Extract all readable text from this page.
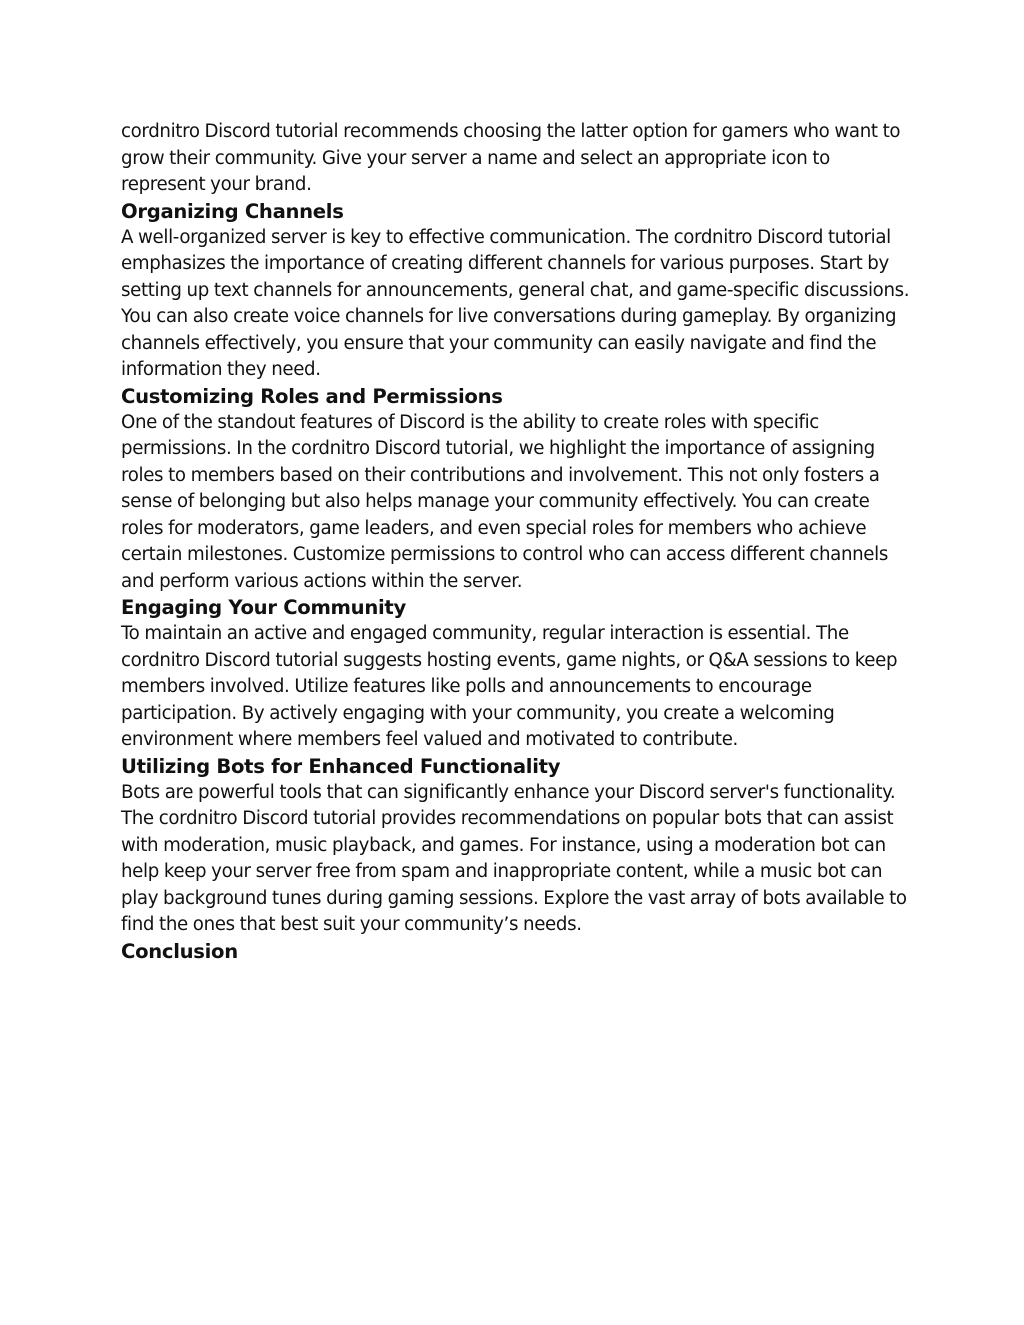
cordnitro Discord tutorial recommends choosing the latter option for gamers who want to grow their community. Give your server a name and select an appropriate icon to represent your brand.

Organizing Channels

A well-organized server is key to effective communication. The cordnitro Discord tutorial emphasizes the importance of creating different channels for various purposes. Start by setting up text channels for announcements, general chat, and game-specific discussions. You can also create voice channels for live conversations during gameplay. By organizing channels effectively, you ensure that your community can easily navigate and find the information they need.

Customizing Roles and Permissions

One of the standout features of Discord is the ability to create roles with specific permissions. In the cordnitro Discord tutorial, we highlight the importance of assigning roles to members based on their contributions and involvement. This not only fosters a sense of belonging but also helps manage your community effectively. You can create roles for moderators, game leaders, and even special roles for members who achieve certain milestones. Customize permissions to control who can access different channels and perform various actions within the server.

Engaging Your Community

To maintain an active and engaged community, regular interaction is essential. The cordnitro Discord tutorial suggests hosting events, game nights, or Q&A sessions to keep members involved. Utilize features like polls and announcements to encourage participation. By actively engaging with your community, you create a welcoming environment where members feel valued and motivated to contribute.

Utilizing Bots for Enhanced Functionality

Bots are powerful tools that can significantly enhance your Discord server's functionality. The cordnitro Discord tutorial provides recommendations on popular bots that can assist with moderation, music playback, and games. For instance, using a moderation bot can help keep your server free from spam and inappropriate content, while a music bot can play background tunes during gaming sessions. Explore the vast array of bots available to find the ones that best suit your community’s needs.

Conclusion
